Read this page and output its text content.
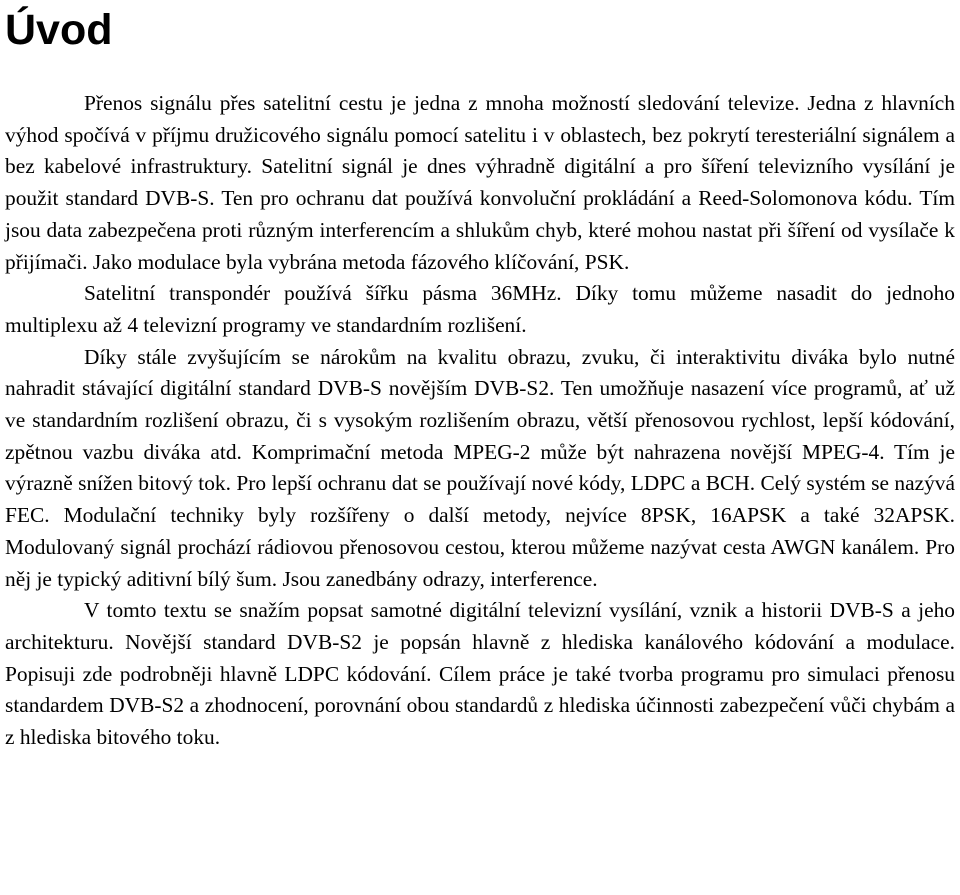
Úvod

Přenos signálu přes satelitní cestu je jedna z mnoha možností sledování televize. Jedna z hlavních výhod spočívá v příjmu družicového signálu pomocí satelitu i v oblastech, bez pokrytí teresteriální signálem a bez kabelové infrastruktury. Satelitní signál je dnes výhradně digitální a pro šíření televizního vysílání je použit standard DVB-S. Ten pro ochranu dat používá konvoluční prokládání a Reed-Solomonova kódu. Tím jsou data zabezpečena proti různým interferencím a shlukům chyb, které mohou nastat při šíření od vysílače k přijímači. Jako modulace byla vybrána metoda fázového klíčování, PSK.

Satelitní transpondér používá šířku pásma 36MHz. Díky tomu můžeme nasadit do jednoho multiplexu až 4 televizní programy ve standardním rozlišení.

Díky stále zvyšujícím se nárokům na kvalitu obrazu, zvuku, či interaktivitu diváka bylo nutné nahradit stávající digitální standard DVB-S novějším DVB-S2. Ten umožňuje nasazení více programů, ať už ve standardním rozlišení obrazu, či s vysokým rozlišením obrazu, větší přenosovou rychlost, lepší kódování, zpětnou vazbu diváka atd. Komprimační metoda MPEG-2 může být nahrazena novější MPEG-4. Tím je výrazně snížen bitový tok. Pro lepší ochranu dat se používají nové kódy, LDPC a BCH. Celý systém se nazývá FEC. Modulační techniky byly rozšířeny o další metody, nejvíce 8PSK, 16APSK a také 32APSK. Modulovaný signál prochází rádiovou přenosovou cestou, kterou můžeme nazývat cesta AWGN kanálem. Pro něj je typický aditivní bílý šum. Jsou zanedbány odrazy, interference.

V tomto textu se snažím popsat samotné digitální televizní vysílání, vznik a historii DVB-S a jeho architekturu. Novější standard DVB-S2 je popsán hlavně z hlediska kanálového kódování a modulace. Popisuji zde podrobněji hlavně LDPC kódování. Cílem práce je také tvorba programu pro simulaci přenosu standardem DVB-S2 a zhodnocení, porovnání obou standardů z hlediska účinnosti zabezpečení vůči chybám a z hlediska bitového toku.
